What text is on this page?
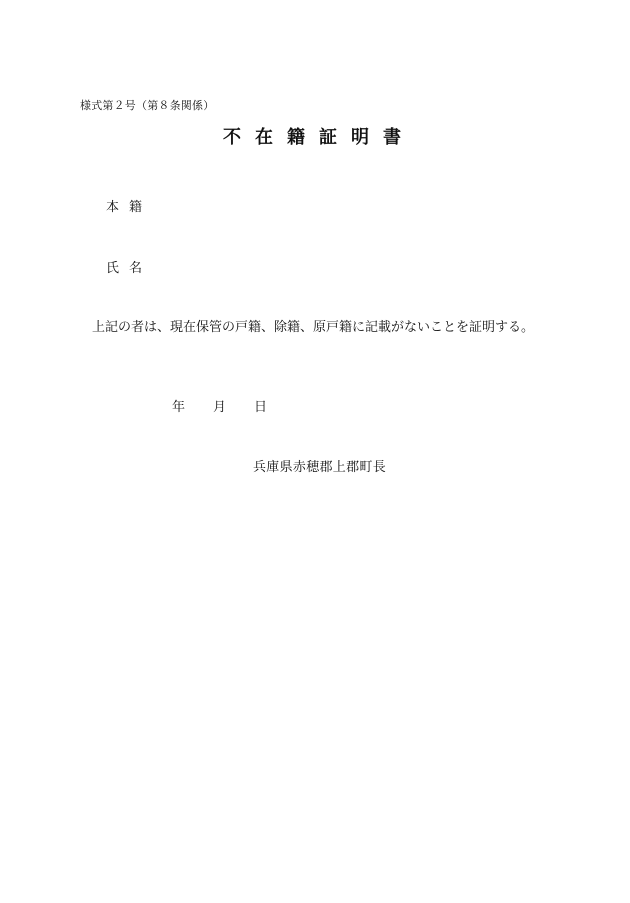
様式第２号（第８条関係）
不在籍証明書
本籍
氏名
上記の者は、現在保管の戸籍、除籍、原戸籍に記載がないことを証明する。
年	月	日
兵庫県赤穂郡上郡町長
